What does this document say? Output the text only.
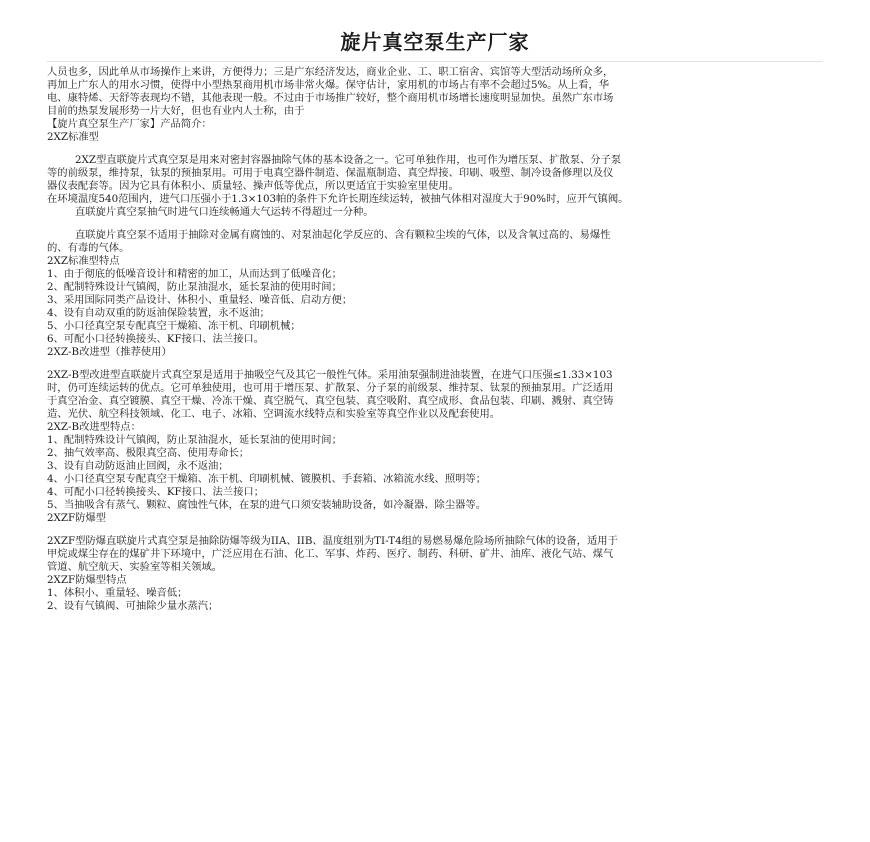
旋片真空泵生产厂家

人员也多，因此单从市场操作上来讲，方便得力；三是广东经济发达，商业企业、工、职工宿舍、宾馆等大型活动场所众多，

再加上广东人的用水习惯，使得中小型热泵商用机市场非常火爆。保守估计，家用机的市场占有率不会超过5%。从上看，华

电、康特烯、天舒等表现均不错，其他表现一般。不过由于市场推广较好，整个商用机市场增长速度明显加快。虽然广东市场

目前的热泵发展形势一片大好，但也有业内人士称，由于

【旋片真空泵生产厂家】产品简介：

2XZ标准型

2XZ型直联旋片式真空泵是用来对密封容器抽除气体的基本设备之一。它可单独作用，也可作为增压泵、扩散泵、分子泵

等的前级泵，维持泵，钛泵的预抽泵用。可用于电真空器件制造、保温瓶制造、真空焊接、印刷、吸塑、制冷设备修理以及仪

器仪表配套等。因为它具有体积小、质量轻、操声低等优点，所以更适宜于实验室里使用。

在环境温度540范围内，进气口压强小于1.3×103帕的条件下允许长期连续运转，被抽气体相对湿度大于90%时，应开气镇阀。

直联旋片真空泵抽气时进气口连续畅通大气运转不得超过一分种。

直联旋片真空泵不适用于抽除对金属有腐蚀的、对泵油起化学反应的、含有颗粒尘埃的气体，以及含氧过高的、易爆性

的、有毒的气体。

2XZ标准型特点

1、由于彻底的低噪音设计和精密的加工，从而达到了低噪音化；

2、配制特殊设计气镇阀，防止泵油混水，延长泵油的使用时间；

3、采用国际同类产品设计、体积小、重量轻、噪音低、启动方便；

4、设有自动双重的防返油保险装置，永不返油；

5、小口径真空泵专配真空干燥箱、冻干机、印刷机械；

6、可配小口径转换接头、KF接口、法兰接口。

2XZ-B改进型（推荐使用）

2XZ-B型改进型直联旋片式真空泵是适用于抽吸空气及其它一般性气体。采用油泵强制进油装置，在进气口压强≤1.33×103

时，仍可连续运转的优点。它可单独使用，也可用于增压泵、扩散泵、分子泵的前级泵、维持泵、钛泵的预抽泵用。广泛适用

于真空冶金、真空镀膜、真空干燥、冷冻干燥、真空脱气、真空包装、真空吸附、真空成形、食品包装、印刷、溅射、真空铸

造、光伏、航空科技领域、化工、电子、冰箱、空调流水线特点和实验室等真空作业以及配套使用。

2XZ-B改进型特点：

1、配制特殊设计气镇阀，防止泵油混水，延长泵油的使用时间；

2、抽气效率高、极限真空高、使用寿命长；

3、设有自动防返油止回阀，永不返油；

4、小口径真空泵专配真空干燥箱、冻干机、印刷机械、镀膜机、手套箱、冰箱流水线、照明等；

4、可配小口径转换接头、KF接口、法兰接口；

5、当抽吸含有蒸气、颗粒、腐蚀性气体，在泵的进气口须安装辅助设备，如冷凝器、除尘器等。

2XZF防爆型

2XZF型防爆直联旋片式真空泵是抽除防爆等级为IIA、IIB、温度组别为TI-T4组的易燃易爆危险场所抽除气体的设备，适用于

甲烷或煤尘存在的煤矿井下环境中，广泛应用在石油、化工、军事、炸药、医疗、制药、科研、矿井、油库、液化气站、煤气

管道、航空航天、实验室等相关领域。

2XZF防爆型特点

1、体积小、重量轻、噪音低；

2、设有气镇阀、可抽除少量水蒸汽；
